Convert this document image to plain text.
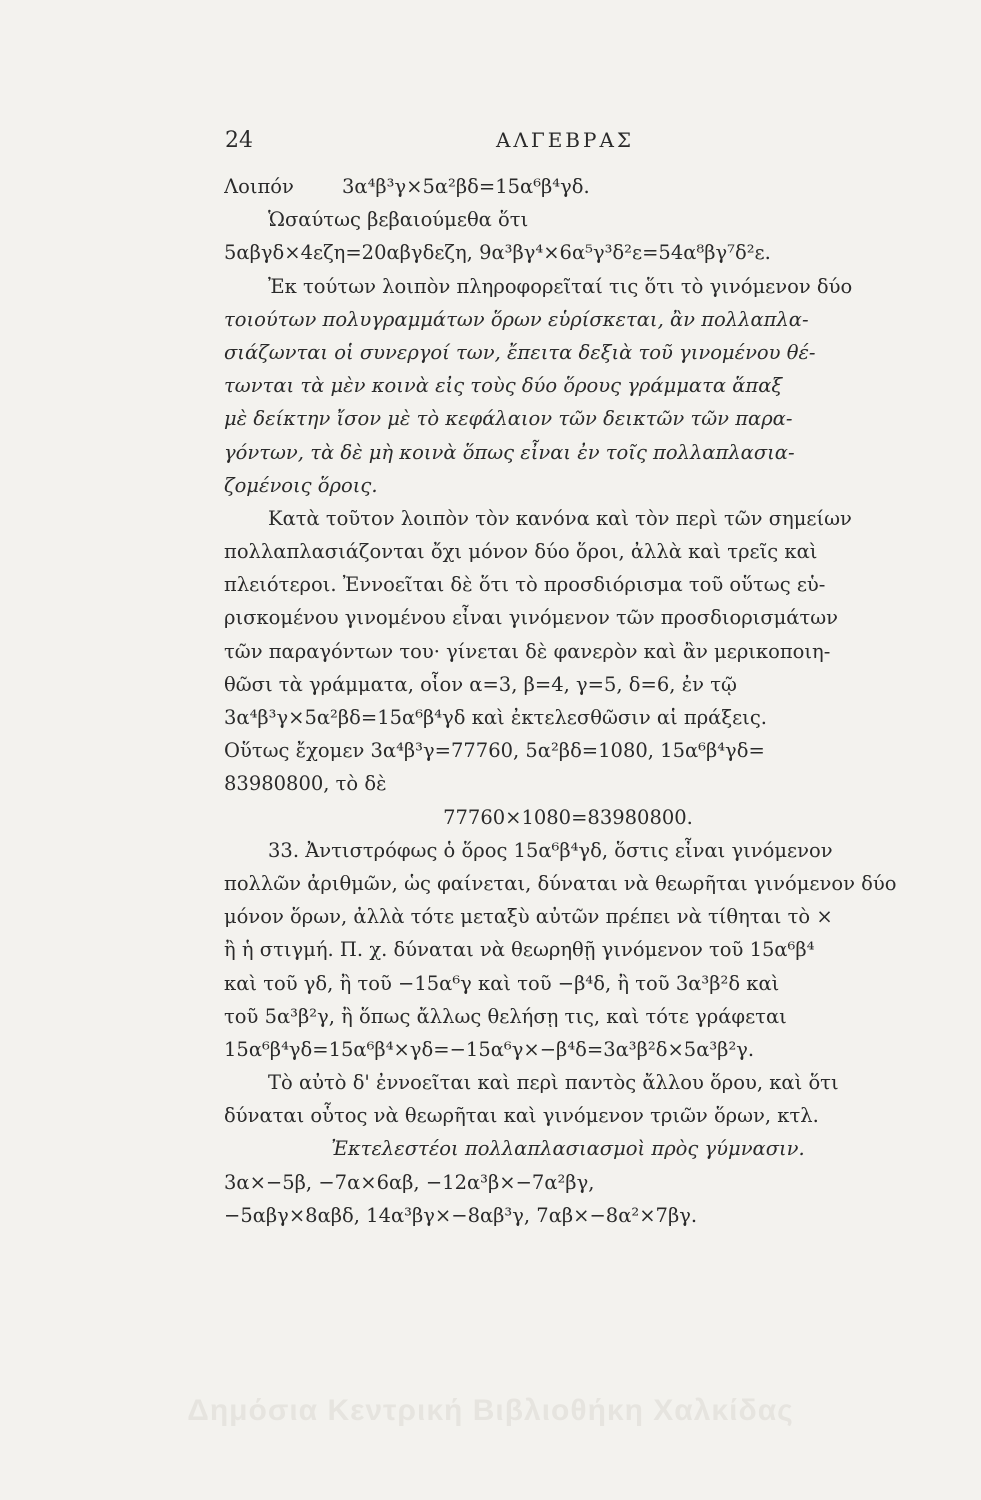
24	ΑΛΓΕΒΡΑΣ
Λοιπόν 3α⁴β³γ×5α²βδ=15α⁶β⁴γδ.
Ὡσαύτως βεβαιούμεθα ὅτι
5αβγδ×4εζη=20αβγδεζη, 9α³βγ⁴×6α⁵γ³δ²ε=54α⁸βγ⁷δ²ε.
Ἐκ τούτων λοιπὸν πληροφορεῖταί τις ὅτι τὸ γινόμενον δύο
τοιούτων πολυγραμμάτων ὅρων εὑρίσκεται, ἂν πολλαπλα-
σιάζωνται οἱ συνεργοί των, ἔπειτα δεξιὰ τοῦ γινομένου θέ-
τωνται τὰ μὲν κοινὰ εἰς τοὺς δύο ὅρους γράμματα ἅπαξ
μὲ δείκτην ἴσον μὲ τὸ κεφάλαιον τῶν δεικτῶν τῶν παρα-
γόντων, τὰ δὲ μὴ κοινὰ ὅπως εἶναι ἐν τοῖς πολλαπλασια-
ζομένοις ὅροις.
Κατὰ τοῦτον λοιπὸν τὸν κανόνα καὶ τὸν περὶ τῶν σημείων
πολλαπλασιάζονται ὄχι μόνον δύο ὅροι, ἀλλὰ καὶ τρεῖς καὶ
πλειότεροι. Ἐννοεῖται δὲ ὅτι τὸ προσδιόρισμα τοῦ οὕτως εὑ-
ρισκομένου γινομένου εἶναι γινόμενον τῶν προσδιορισμάτων
τῶν παραγόντων του· γίνεται δὲ φανερὸν καὶ ἂν μερικοποιη-
θῶσι τὰ γράμματα, οἷον α=3, β=4, γ=5, δ=6, ἐν τῷ
3α⁴β³γ×5α²βδ=15α⁶β⁴γδ καὶ ἐκτελεσθῶσιν αἱ πράξεις.
Οὕτως ἔχομεν 3α⁴β³γ=77760, 5α²βδ=1080, 15α⁶β⁴γδ=
83980800, τὸ δὲ
77760×1080=83980800.
33. Ἀντιστρόφως ὁ ὅρος 15α⁶β⁴γδ, ὅστις εἶναι γινόμενον
πολλῶν ἀριθμῶν, ὡς φαίνεται, δύναται νὰ θεωρῆται γινόμενον δύο
μόνον ὅρων, ἀλλὰ τότε μεταξὺ αὐτῶν πρέπει νὰ τίθηται τὸ ×
ἢ ἡ στιγμή. Π. χ. δύναται νὰ θεωρηθῇ γινόμενον τοῦ 15α⁶β⁴
καὶ τοῦ γδ, ἢ τοῦ −15α⁶γ καὶ τοῦ −β⁴δ, ἢ τοῦ 3α³β²δ καὶ
τοῦ 5α³β²γ, ἢ ὅπως ἄλλως θελήσῃ τις, καὶ τότε γράφεται
15α⁶β⁴γδ=15α⁶β⁴×γδ=−15α⁶γ×−β⁴δ=3α³β²δ×5α³β²γ.
Τὸ αὐτὸ δ' ἐννοεῖται καὶ περὶ παντὸς ἄλλου ὅρου, καὶ ὅτι
δύναται οὗτος νὰ θεωρῆται καὶ γινόμενον τριῶν ὅρων, κτλ.
Ἐκτελεστέοι πολλαπλασιασμοὶ πρὸς γύμνασιν.
3α×−5β, −7α×6αβ, −12α³β×−7α²βγ,
−5αβγ×8αβδ, 14α³βγ×−8αβ³γ, 7αβ×−8α²×7βγ.
Δημόσια Κεντρική Βιβλιοθήκη Χαλκίδας
